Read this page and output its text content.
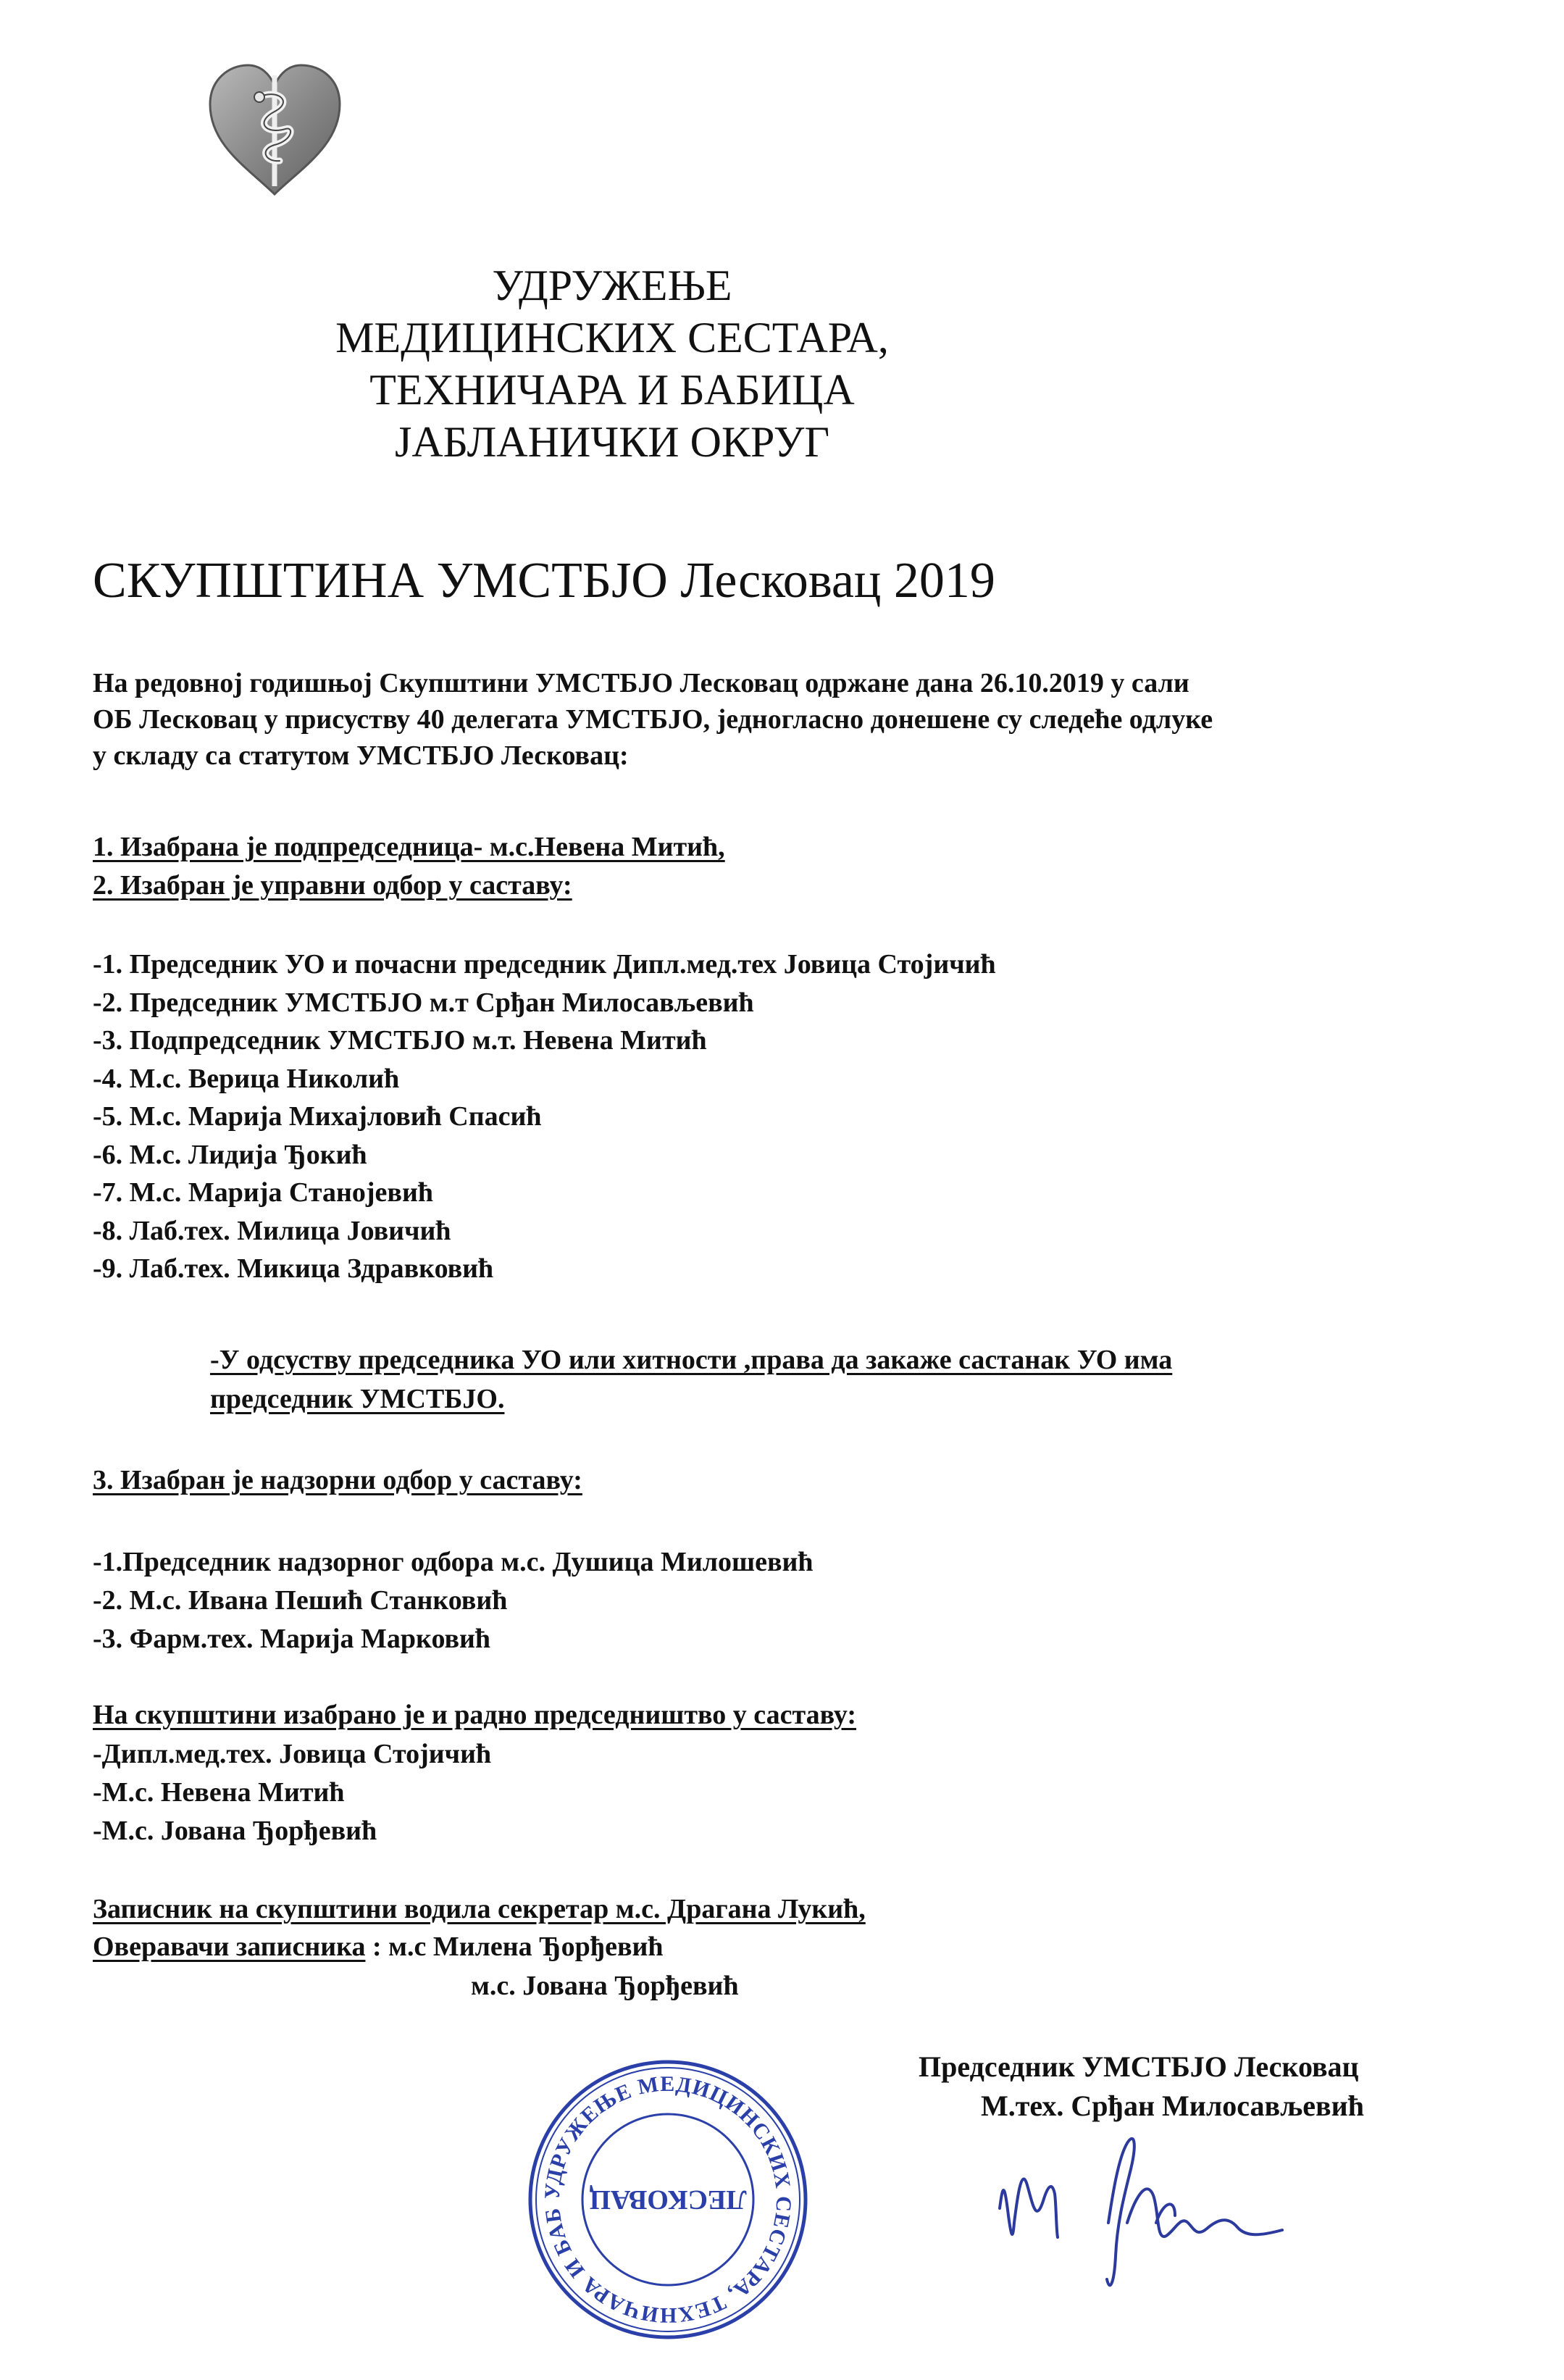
УДРУЖЕЊЕ
МЕДИЦИНСКИХ СЕСТАРА,
ТЕХНИЧАРА И БАБИЦА
ЈАБЛАНИЧКИ ОКРУГ
СКУПШТИНА УМСТБЈО Лесковац 2019
На редовној годишњој Скупштини УМСТБЈО Лесковац одржане дана 26.10.2019 у сали
ОБ Лесковац у присуству 40 делегата УМСТБЈО, једногласно донешене су следеће одлуке
у складу са статутом УМСТБЈО Лесковац:
1. Изабрана је подпредседница- м.с.Невена Митић,
2. Изабран је управни одбор у саставу:
-1. Председник УО и почасни председник Дипл.мед.тех Јовица Стојичић
-2. Председник УМСТБЈО м.т Срђан Милосављевић
-3. Подпредседник УМСТБЈО м.т. Невена Митић
-4. М.с. Верица Николић
-5. М.с. Марија Михајловић Спасић
-6. М.с. Лидија Ђокић
-7. М.с. Марија Станојевић
-8. Лаб.тех. Милица Јовичић
-9. Лаб.тех. Микица Здравковић
-У одсуству председника УО или хитности ,права да закаже састанак УО има
председник УМСТБЈО.
3. Изабран је надзорни одбор у саставу:
-1.Председник надзорног одбора м.с. Душица Милошевић
-2. М.с. Ивана Пешић Станковић
-3. Фарм.тех. Марија Марковић
На скупштини изабрано је и радно председништво у саставу:
-Дипл.мед.тех. Јовица Стојичић
-М.с. Невена Митић
-М.с. Јована Ђорђевић
Записник на скупштини водила секретар м.с. Драгана Лукић,
Оверавачи записника : м.с Милена Ђорђевић
м.с. Јована Ђорђевић
УДРУЖЕЊЕ МЕДИЦИНСКИХ СЕСТАРА, ТЕХНИЧАРА И БАБ
ЛЕСКОВАЦ
Председник УМСТБЈО Лесковац
М.тех. Срђан Милосављевић
